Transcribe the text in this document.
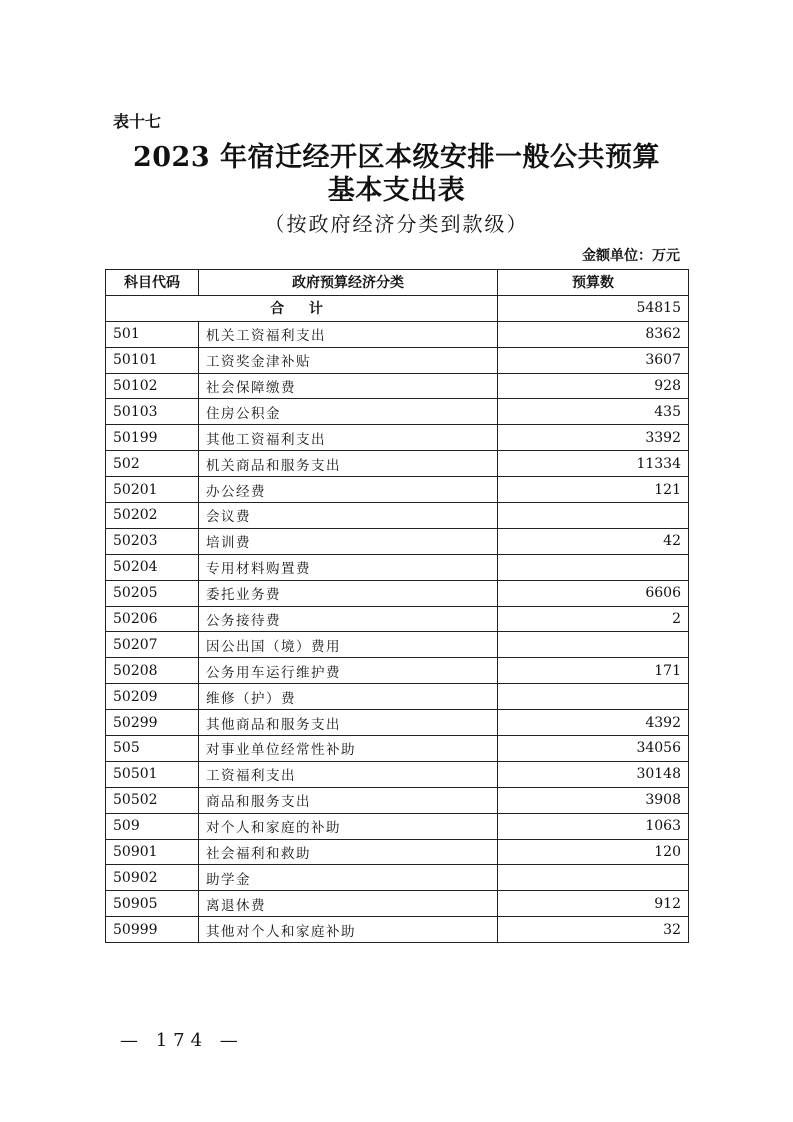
表十七
2023 年宿迁经开区本级安排一般公共预算
基本支出表
（按政府经济分类到款级）
金额单位：万元
科目代码	政府预算经济分类	预算数
合 计		54815
501	机关工资福利支出	8362
50101	工资奖金津补贴	3607
50102	社会保障缴费	928
50103	住房公积金	435
50199	其他工资福利支出	3392
502	机关商品和服务支出	11334
50201	办公经费	121
50202	会议费	
50203	培训费	42
50204	专用材料购置费	
50205	委托业务费	6606
50206	公务接待费	2
50207	因公出国（境）费用	
50208	公务用车运行维护费	171
50209	维修（护）费	
50299	其他商品和服务支出	4392
505	对事业单位经常性补助	34056
50501	工资福利支出	30148
50502	商品和服务支出	3908
509	对个人和家庭的补助	1063
50901	社会福利和救助	120
50902	助学金	
50905	离退休费	912
50999	其他对个人和家庭补助	32
— 174 —
